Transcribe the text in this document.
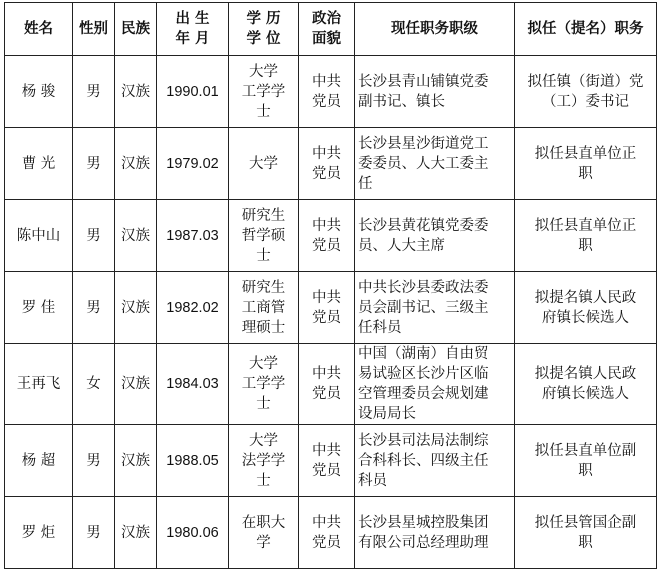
姓名	性别	民族	出 生
年 月	学 历
学 位	政治
面貌	现任职务职级	拟任（提名）职务

杨 骏	男	汉族	1990.01	大学
工学学
士	中共
党员	长沙县青山铺镇党委
副书记、镇长	拟任镇（街道）党
（工）委书记

曹 光	男	汉族	1979.02	大学	中共
党员	长沙县星沙街道党工
委委员、人大工委主
任	拟任县直单位正
职

陈中山	男	汉族	1987.03	研究生
哲学硕
士	中共
党员	长沙县黄花镇党委委
员、人大主席	拟任县直单位正
职

罗 佳	男	汉族	1982.02	研究生
工商管
理硕士	中共
党员	中共长沙县委政法委
员会副书记、三级主
任科员	拟提名镇人民政
府镇长候选人

王再飞	女	汉族	1984.03	大学
工学学
士	中共
党员	中国（湖南）自由贸
易试验区长沙片区临
空管理委员会规划建
设局局长	拟提名镇人民政
府镇长候选人

杨 超	男	汉族	1988.05	大学
法学学
士	中共
党员	长沙县司法局法制综
合科科长、四级主任
科员	拟任县直单位副
职

罗 炬	男	汉族	1980.06	在职大
学	中共
党员	长沙县星城控股集团
有限公司总经理助理	拟任县管国企副
职
